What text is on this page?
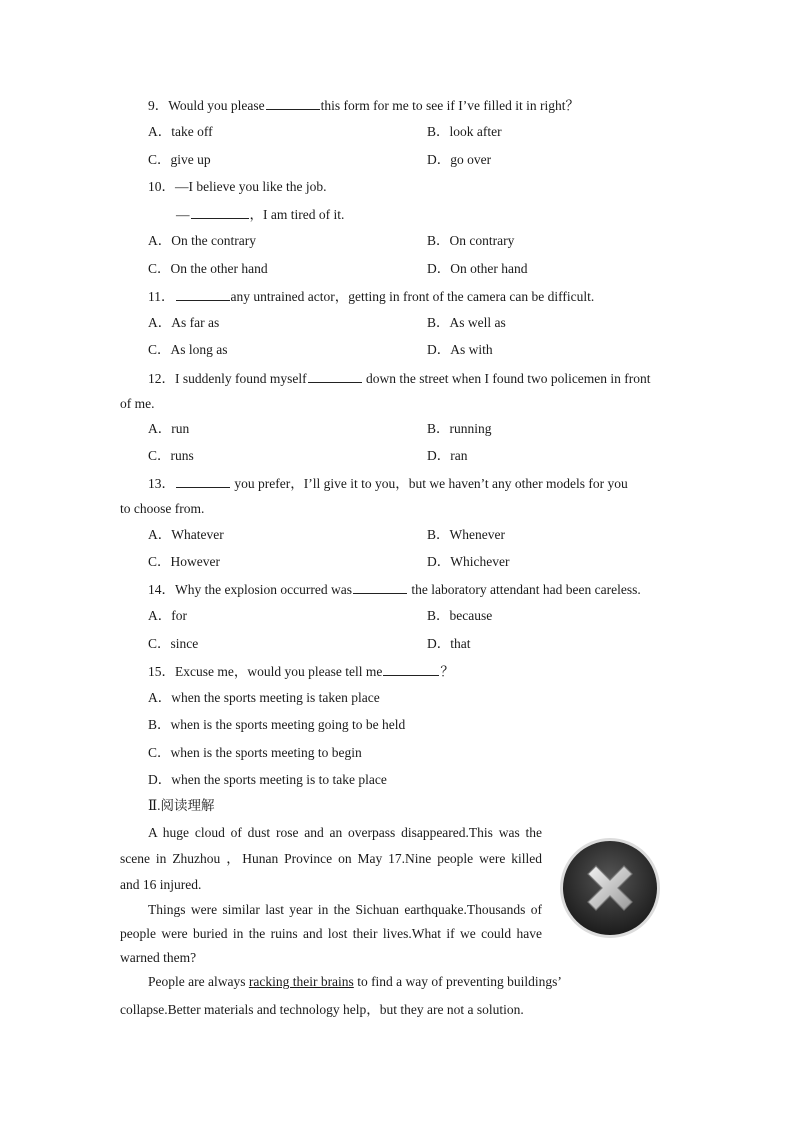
9．Would you please	this form for me to see if I’ve filled it in right？
A．take off	B．look after
C．give up	D．go over
10．—I believe you like the job.
—	，I am tired of it.
A．On the contrary	B．On contrary
C．On the other hand	D．On other hand
11．	any untrained actor，getting in front of the camera can be difficult.
A．As far as	B．As well as
C．As long as	D．As with
12．I suddenly found myself	down the street when I found two policemen in front
of me.
A．run	B．running
C．runs	D．ran
13．	you prefer，I’ll give it to you，but we haven’t any other models for you
to choose from.
A．Whatever	B．Whenever
C．However	D．Whichever
14．Why the explosion occurred was	the laboratory attendant had been careless.
A．for	B．because
C．since	D．that
15．Excuse me，would you please tell me	？
A．when the sports meeting is taken place
B．when is the sports meeting going to be held
C．when is the sports meeting to begin
D．when the sports meeting is to take place
Ⅱ.阅读理解
A huge cloud of dust rose and an overpass disappeared.This was the
scene in Zhuzhou ，Hunan Province on May 17.Nine people were killed
and 16 injured.
Things were similar last year in the Sichuan earthquake.Thousands of
people were buried in the ruins and lost their lives.What if we could have
warned them?
People are always racking their brains to find a way of preventing buildings’
collapse.Better materials and technology help，but they are not a solution.
